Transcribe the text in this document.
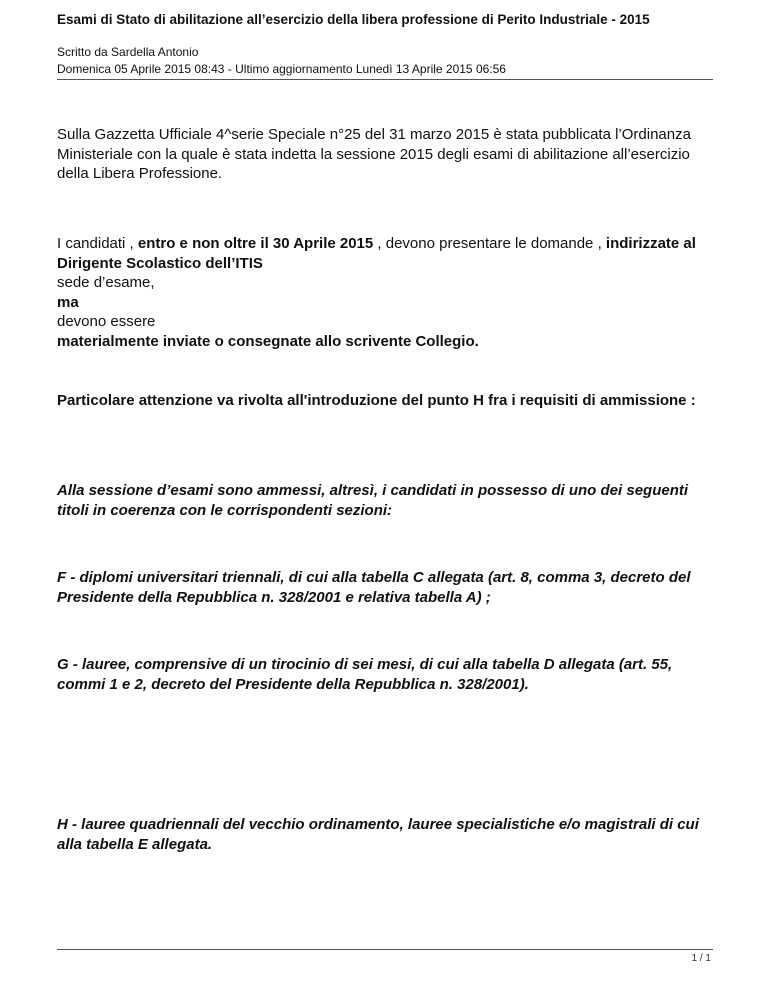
Esami di Stato di abilitazione all’esercizio della libera professione di Perito Industriale - 2015
Scritto da Sardella Antonio
Domenica 05 Aprile 2015 08:43 - Ultimo aggiornamento Lunedì 13 Aprile 2015 06:56
Sulla Gazzetta Ufficiale 4^serie Speciale n°25 del 31 marzo 2015 è stata pubblicata l’Ordinanza Ministeriale con la quale è stata indetta la sessione 2015 degli esami di abilitazione all’esercizio della Libera Professione.
I candidati , entro e non oltre il 30 Aprile 2015 , devono presentare le domande , indirizzate al Dirigente Scolastico dell’ITIS
sede d’esame,
ma
devono essere
materialmente inviate o consegnate allo scrivente Collegio.
Particolare attenzione va rivolta all'introduzione del punto H fra i requisiti di ammissione :
Alla sessione d’esami sono ammessi, altresì, i candidati in possesso di uno dei seguenti titoli in coerenza con le corrispondenti sezioni:
F - diplomi universitari triennali, di cui alla tabella C allegata (art. 8, comma 3, decreto del Presidente della Repubblica n. 328/2001 e relativa tabella A) ;
G - lauree, comprensive di un tirocinio di sei mesi, di cui alla tabella D allegata (art. 55, commi 1 e 2, decreto del Presidente della Repubblica n. 328/2001).
H - lauree quadriennali del vecchio ordinamento, lauree specialistiche e/o magistrali di cui alla tabella E allegata.
1 / 1
